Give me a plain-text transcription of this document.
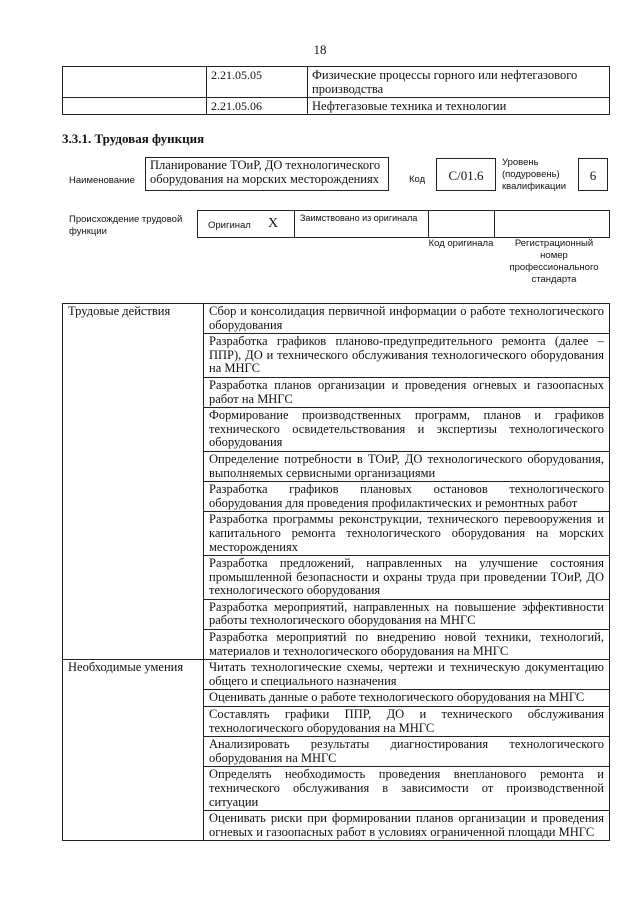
18
	2.21.05.05	Физические процессы горного или нефтегазового производства
	2.21.05.06	Нефтегазовые техника и технологии
3.3.1. Трудовая функция
Наименование
Планирование ТОиР, ДО технологического оборудования на морских месторождениях	Код	C/01.6
Уровень (подуровень) квалификации
6
Происхождение трудовой функции
Оригинал X Заимствовано из оригинала
Код оригинала	Регистрационный номер профессионального стандарта
Трудовые действия	Сбор и консолидация первичной информации о работе технологического оборудования
	Разработка графиков планово-предупредительного ремонта (далее – ППР), ДО и технического обслуживания технологического оборудования на МНГС
	Разработка планов организации и проведения огневых и газоопасных работ на МНГС
	Формирование производственных программ, планов и графиков технического освидетельствования и экспертизы технологического оборудования
	Определение потребности в ТОиР, ДО технологического оборудования, выполняемых сервисными организациями
	Разработка графиков плановых остановов технологического оборудования для проведения профилактических и ремонтных работ
	Разработка программы реконструкции, технического перевооружения и капитального ремонта технологического оборудования на морских месторождениях
	Разработка предложений, направленных на улучшение состояния промышленной безопасности и охраны труда при проведении ТОиР, ДО технологического оборудования
	Разработка мероприятий, направленных на повышение эффективности работы технологического оборудования на МНГС
	Разработка мероприятий по внедрению новой техники, технологий, материалов и технологического оборудования на МНГС
Необходимые умения	Читать технологические схемы, чертежи и техническую документацию общего и специального назначения
	Оценивать данные о работе технологического оборудования на МНГС
	Составлять графики ППР, ДО и технического обслуживания технологического оборудования на МНГС
	Анализировать результаты диагностирования технологического оборудования на МНГС
	Определять необходимость проведения внепланового ремонта и технического обслуживания в зависимости от производственной ситуации
	Оценивать риски при формировании планов организации и проведения огневых и газоопасных работ в условиях ограниченной площади МНГС
